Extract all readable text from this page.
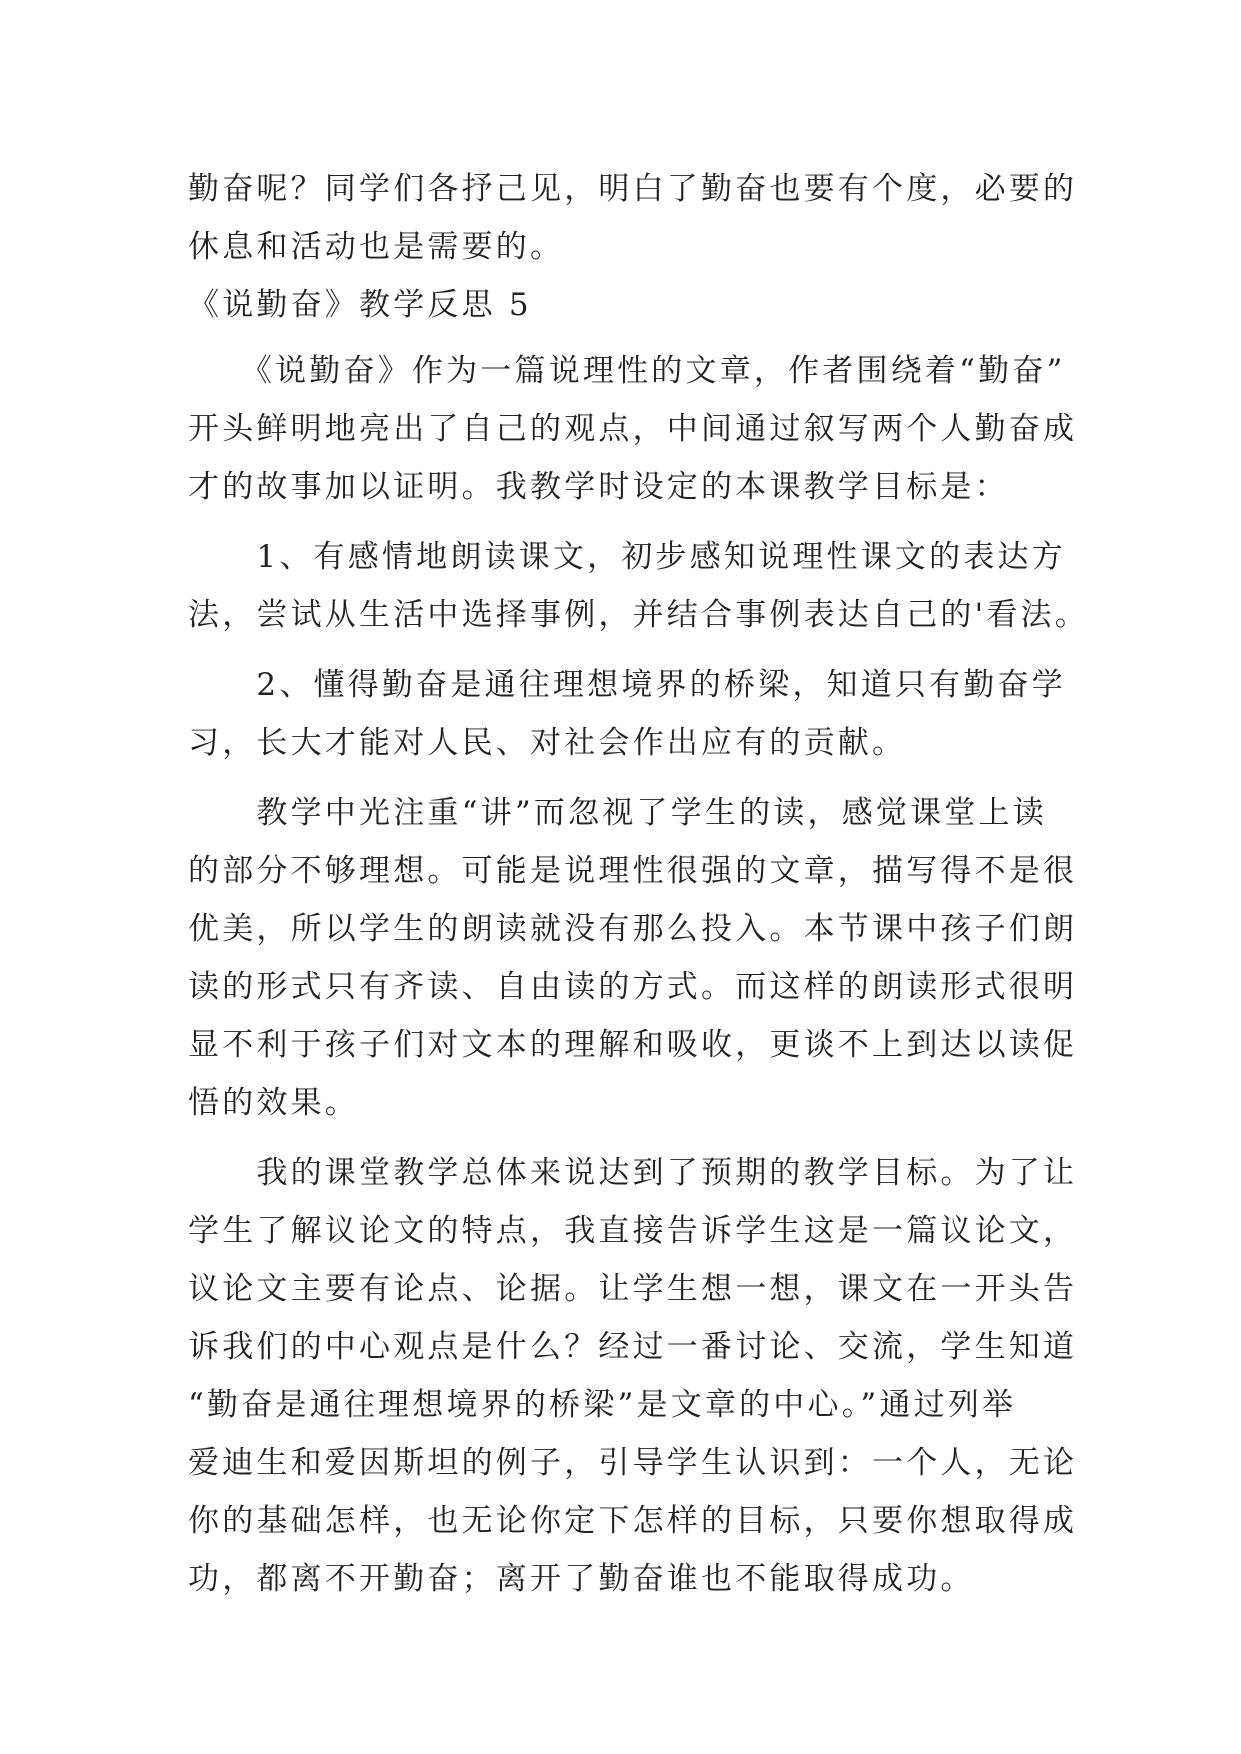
勤奋呢？同学们各抒己见，明白了勤奋也要有个度，必要的
休息和活动也是需要的。
《说勤奋》教学反思 5
　　《说勤奋》作为一篇说理性的文章，作者围绕着“勤奋”
开头鲜明地亮出了自己的观点，中间通过叙写两个人勤奋成
才的故事加以证明。我教学时设定的本课教学目标是：
　　1、有感情地朗读课文，初步感知说理性课文的表达方
法，尝试从生活中选择事例，并结合事例表达自己的'看法。
　　2、懂得勤奋是通往理想境界的桥梁，知道只有勤奋学
习，长大才能对人民、对社会作出应有的贡献。
　　教学中光注重“讲”而忽视了学生的读，感觉课堂上读
的部分不够理想。可能是说理性很强的文章，描写得不是很
优美，所以学生的朗读就没有那么投入。本节课中孩子们朗
读的形式只有齐读、自由读的方式。而这样的朗读形式很明
显不利于孩子们对文本的理解和吸收，更谈不上到达以读促
悟的效果。
　　我的课堂教学总体来说达到了预期的教学目标。为了让
学生了解议论文的特点，我直接告诉学生这是一篇议论文，
议论文主要有论点、论据。让学生想一想，课文在一开头告
诉我们的中心观点是什么？经过一番讨论、交流，学生知道
“勤奋是通往理想境界的桥梁”是文章的中心。”通过列举
爱迪生和爱因斯坦的例子，引导学生认识到：一个人，无论
你的基础怎样，也无论你定下怎样的目标，只要你想取得成
功，都离不开勤奋；离开了勤奋谁也不能取得成功。
